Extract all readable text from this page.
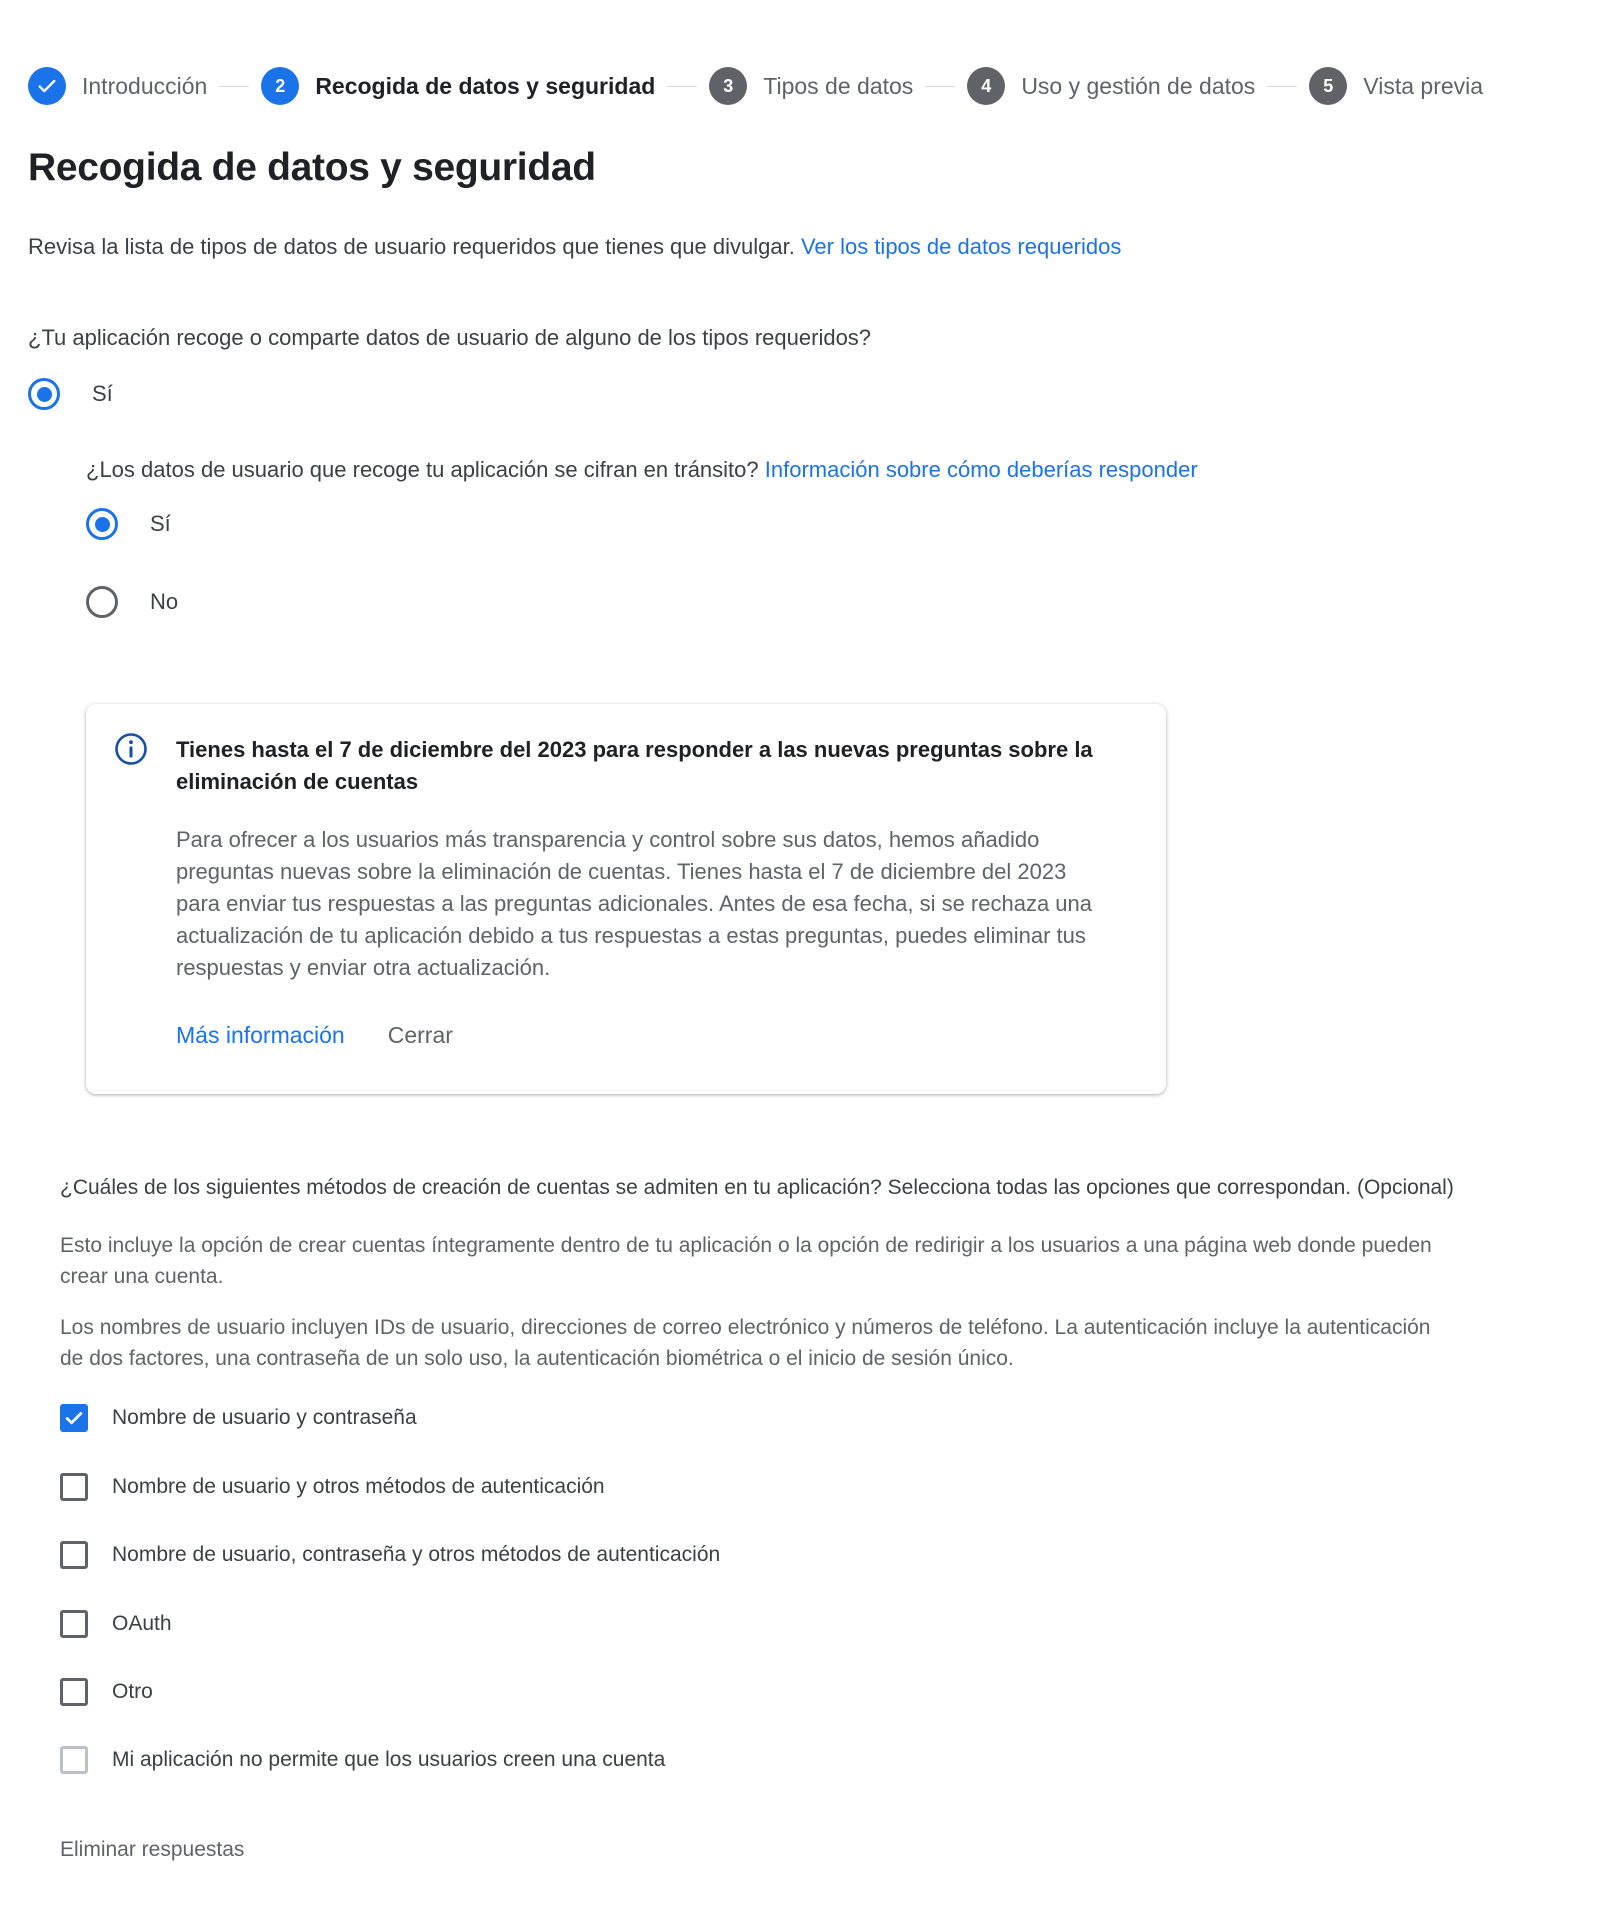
Introducción	2	Recogida de datos y seguridad	3	Tipos de datos	4	Uso y gestión de datos	5	Vista previa
Recogida de datos y seguridad
Revisa la lista de tipos de datos de usuario requeridos que tienes que divulgar. Ver los tipos de datos requeridos
¿Tu aplicación recoge o comparte datos de usuario de alguno de los tipos requeridos?
Sí
¿Los datos de usuario que recoge tu aplicación se cifran en tránsito? Información sobre cómo deberías responder
Sí
No
Tienes hasta el 7 de diciembre del 2023 para responder a las nuevas preguntas sobre la eliminación de cuentas
Para ofrecer a los usuarios más transparencia y control sobre sus datos, hemos añadido preguntas nuevas sobre la eliminación de cuentas. Tienes hasta el 7 de diciembre del 2023 para enviar tus respuestas a las preguntas adicionales. Antes de esa fecha, si se rechaza una actualización de tu aplicación debido a tus respuestas a estas preguntas, puedes eliminar tus respuestas y enviar otra actualización.
Más información Cerrar
¿Cuáles de los siguientes métodos de creación de cuentas se admiten en tu aplicación? Selecciona todas las opciones que correspondan. (Opcional)
Esto incluye la opción de crear cuentas íntegramente dentro de tu aplicación o la opción de redirigir a los usuarios a una página web donde pueden crear una cuenta.
Los nombres de usuario incluyen IDs de usuario, direcciones de correo electrónico y números de teléfono. La autenticación incluye la autenticación de dos factores, una contraseña de un solo uso, la autenticación biométrica o el inicio de sesión único.
Nombre de usuario y contraseña
Nombre de usuario y otros métodos de autenticación
Nombre de usuario, contraseña y otros métodos de autenticación
OAuth
Otro
Mi aplicación no permite que los usuarios creen una cuenta
Eliminar respuestas
